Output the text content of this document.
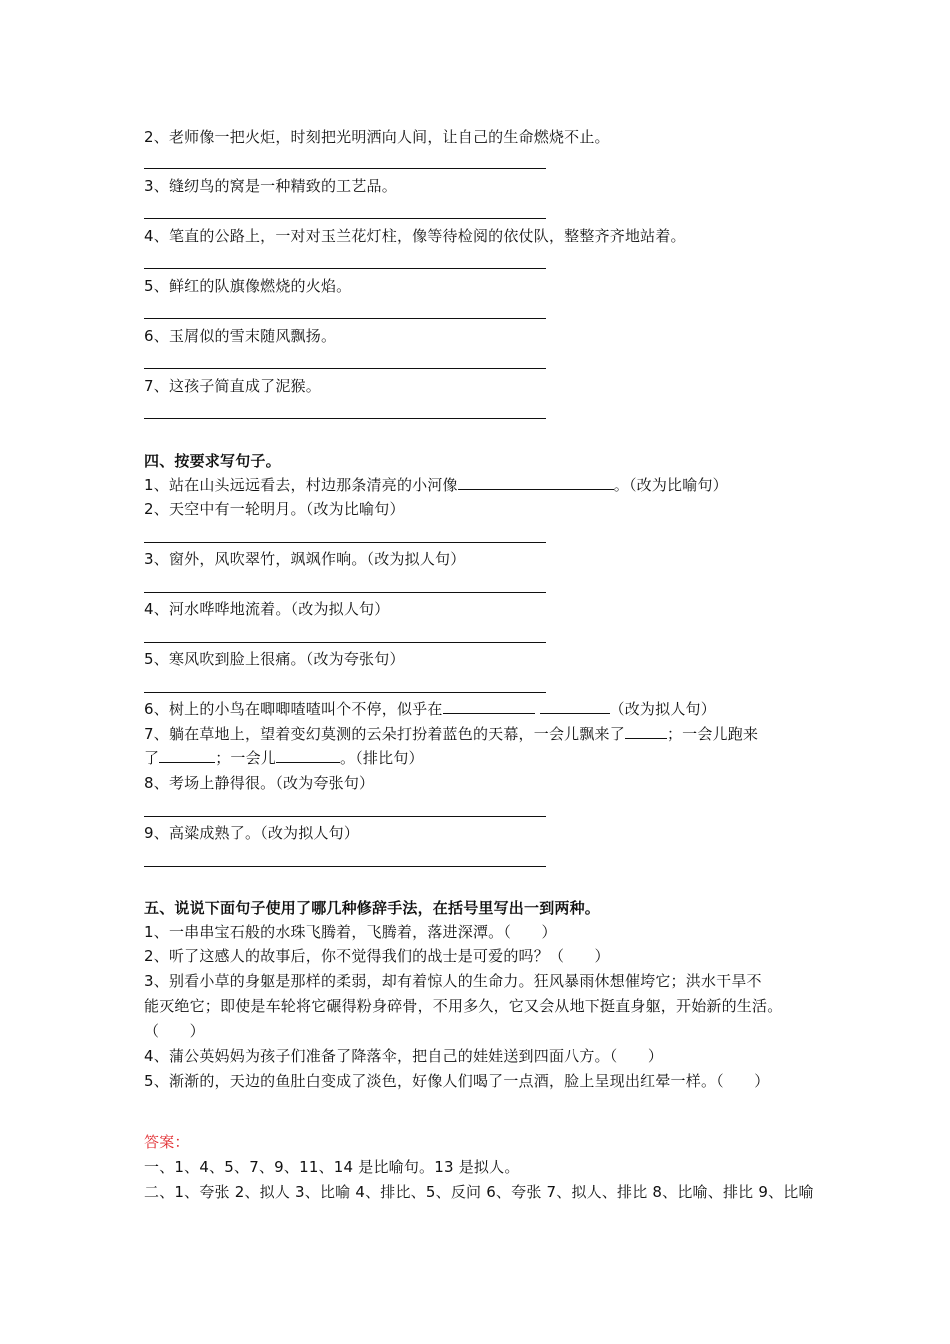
2、老师像一把火炬，时刻把光明洒向人间，让自己的生命燃烧不止。
3、缝纫鸟的窝是一种精致的工艺品。
4、笔直的公路上，一对对玉兰花灯柱，像等待检阅的依仗队，整整齐齐地站着。
5、鲜红的队旗像燃烧的火焰。
6、玉屑似的雪末随风飘扬。
7、这孩子简直成了泥猴。
四、按要求写句子。
1、站在山头远远看去，村边那条清亮的小河像	。（改为比喻句）
2、天空中有一轮明月。（改为比喻句）
3、窗外，风吹翠竹，飒飒作响。（改为拟人句）
4、河水哗哗地流着。（改为拟人句）
5、寒风吹到脸上很痛。（改为夸张句）
6、树上的小鸟在唧唧喳喳叫个不停，似乎在	（改为拟人句）
7、躺在草地上，望着变幻莫测的云朵打扮着蓝色的天幕，一会儿飘来了	；一会儿跑来
了	；一会儿	。（排比句）
8、考场上静得很。（改为夸张句）
9、高粱成熟了。（改为拟人句）
五、说说下面句子使用了哪几种修辞手法，在括号里写出一到两种。
1、一串串宝石般的水珠飞腾着，飞腾着，落进深潭。（　　）
2、听了这感人的故事后，你不觉得我们的战士是可爱的吗？（　　）
3、别看小草的身躯是那样的柔弱，却有着惊人的生命力。狂风暴雨休想催垮它；洪水干旱不
能灭绝它；即使是车轮将它碾得粉身碎骨，不用多久，它又会从地下挺直身躯，开始新的生活。
（　　）
4、蒲公英妈妈为孩子们准备了降落伞，把自己的娃娃送到四面八方。（　　）
5、渐渐的，天边的鱼肚白变成了淡色，好像人们喝了一点酒，脸上呈现出红晕一样。（　　）
答案：
一、1、4、5、7、9、11、14 是比喻句。13 是拟人。
二、1、夸张 2、拟人 3、比喻 4、排比、5、反问 6、夸张 7、拟人、排比 8、比喻、排比 9、比喻
